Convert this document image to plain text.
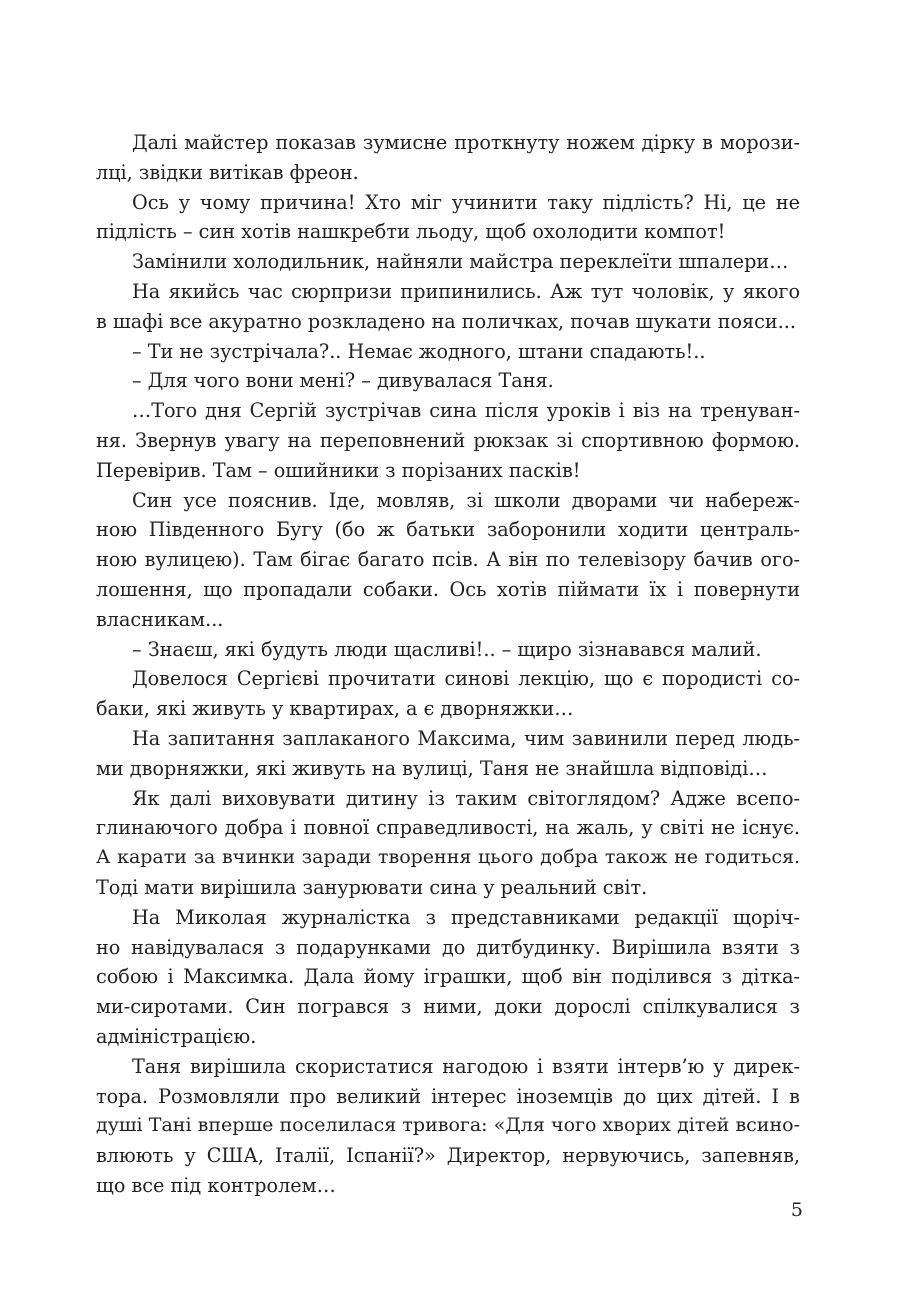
Далі майстер показав зумисне проткнуту ножем дірку в морози-
лці, звідки витікав фреон.

Ось у чому причина! Хто міг учинити таку підлість? Ні, це не
підлість – син хотів нашкребти льоду, щоб охолодити компот!

Замінили холодильник, найняли майстра переклеїти шпалери…

На якийсь час сюрпризи припинились. Аж тут чоловік, у якого
в шафі все акуратно розкладено на поличках, почав шукати пояси...

– Ти не зустрічала?.. Немає жодного, штани спадають!..

– Для чого вони мені? – дивувалася Таня.

…Того дня Сергій зустрічав сина після уроків і віз на тренуван-
ня. Звернув увагу на переповнений рюкзак зі спортивною формою.
Перевірив. Там – ошийники з порізаних пасків!

Син усе пояснив. Іде, мовляв, зі школи дворами чи набереж-
ною Південного Бугу (бо ж батьки заборонили ходити централь-
ною вулицею). Там бігає багато псів. А він по телевізору бачив ого-
лошення, що пропадали собаки. Ось хотів піймати їх і повернути
власникам...

– Знаєш, які будуть люди щасливі!.. – щиро зізнавався малий.

Довелося Сергієві прочитати синові лекцію, що є породисті со-
баки, які живуть у квартирах, а є дворняжки…

На запитання заплаканого Максима, чим завинили перед людь-
ми дворняжки, які живуть на вулиці, Таня не знайшла відповіді…

Як далі виховувати дитину із таким світоглядом? Адже всепо-
глинаючого добра і повної справедливості, на жаль, у світі не існує.
А карати за вчинки заради творення цього добра також не годиться.
Тоді мати вирішила занурювати сина у реальний світ.

На Миколая журналістка з представниками редакції щоріч-
но навідувалася з подарунками до дитбудинку. Вирішила взяти з
собою і Максимка. Дала йому іграшки, щоб він поділився з дітка-
ми-сиротами. Син погрався з ними, доки дорослі спілкувалися з
адміністрацією.

Таня вирішила скористатися нагодою і взяти інтерв’ю у дирек-
тора. Розмовляли про великий інтерес іноземців до цих дітей. І в
душі Тані вперше поселилася тривога: «Для чого хворих дітей всино-
влюють у США, Італії, Іспанії?» Директор, нервуючись, запевняв,
що все під контролем…

5
